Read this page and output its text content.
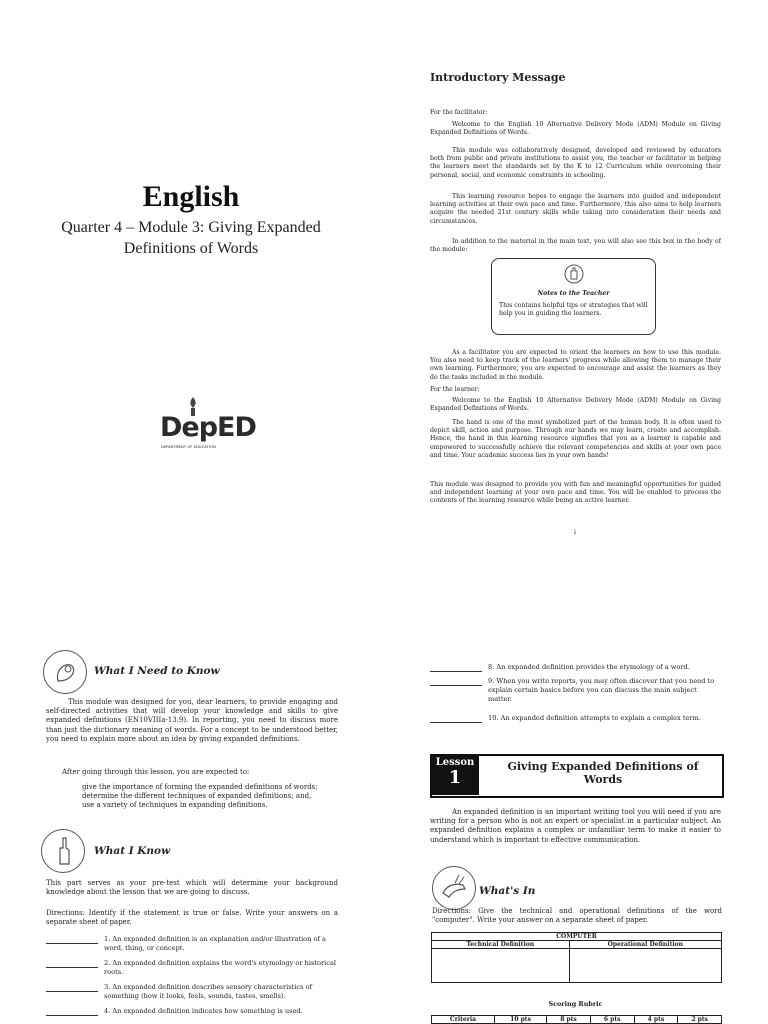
English
Quarter 4 – Module 3: Giving Expanded Definitions of Words
DepED
DEPARTMENT OF EDUCATION
Introductory Message
For the facilitator:
Welcome to the English 10 Alternative Delivery Mode (ADM) Module on Giving Expanded Definitions of Words.
This module was collaboratively designed, developed and reviewed by educators both from public and private institutions to assist you, the teacher or facilitator in helping the learners meet the standards set by the K to 12 Curriculum while overcoming their personal, social, and economic constraints in schooling.
This learning resource hopes to engage the learners into guided and independent learning activities at their own pace and time. Furthermore, this also aims to help learners acquire the needed 21st century skills while taking into consideration their needs and circumstances.
In addition to the material in the main text, you will also see this box in the body of the module:
Notes to the Teacher
This contains helpful tips or strategies that will help you in guiding the learners.
As a facilitator you are expected to orient the learners on how to use this module. You also need to keep track of the learners' progress while allowing them to manage their own learning. Furthermore, you are expected to encourage and assist the learners as they do the tasks included in the module.
For the learner:
Welcome to the English 10 Alternative Delivery Mode (ADM) Module on Giving Expanded Definitions of Words.
The hand is one of the most symbolized part of the human body. It is often used to depict skill, action and purpose. Through our hands we may learn, create and accomplish. Hence, the hand in this learning resource signifies that you as a learner is capable and empowered to successfully achieve the relevant competencies and skills at your own pace and time. Your academic success lies in your own hands!
This module was designed to provide you with fun and meaningful opportunities for guided and independent learning at your own pace and time. You will be enabled to process the contents of the learning resource while being an active learner.
i
What I Need to Know
This module was designed for you, dear learners, to provide engaging and self-directed activities that will develop your knowledge and skills to give expanded definitions (EN10VIIIa-13.9). In reporting, you need to discuss more than just the dictionary meaning of words. For a concept to be understood better, you need to explain more about an idea by giving expanded definitions.
After going through this lesson, you are expected to:
give the importance of forming the expanded definitions of words;
determine the different techniques of expanded definitions; and,
use a variety of techniques in expanding definitions.
What I Know
This part serves as your pre-test which will determine your background knowledge about the lesson that we are going to discuss.
Directions: Identify if the statement is true or false. Write your answers on a separate sheet of paper.
1. An expanded definition is an explanation and/or illustration of a word, thing, or concept.
2. An expanded definition explains the word's etymology or historical roots.
3. An expanded definition describes sensory characteristics of something (how it looks, feels, sounds, tastes, smells).
4. An expanded definition indicates how something is used.
8. An expanded definition provides the etymology of a word.
9. When you write reports, you may often discover that you need to explain certain basics before you can discuss the main subject matter.
10. An expanded definition attempts to explain a complex term.
Lesson
1
Giving Expanded Definitions of Words
An expanded definition is an important writing tool you will need if you are writing for a person who is not an expert or specialist in a particular subject. An expanded definition explains a complex or unfamiliar term to make it easier to understand which is important to effective communication.
What's In
Directions: Give the technical and operational definitions of the word "computer". Write your answer on a separate sheet of paper.
COMPUTER	
Technical Definition	Operational Definition

Scoring Rubric
Criteria	10 pts	8 pts	6 pts	4 pts	2 pts
